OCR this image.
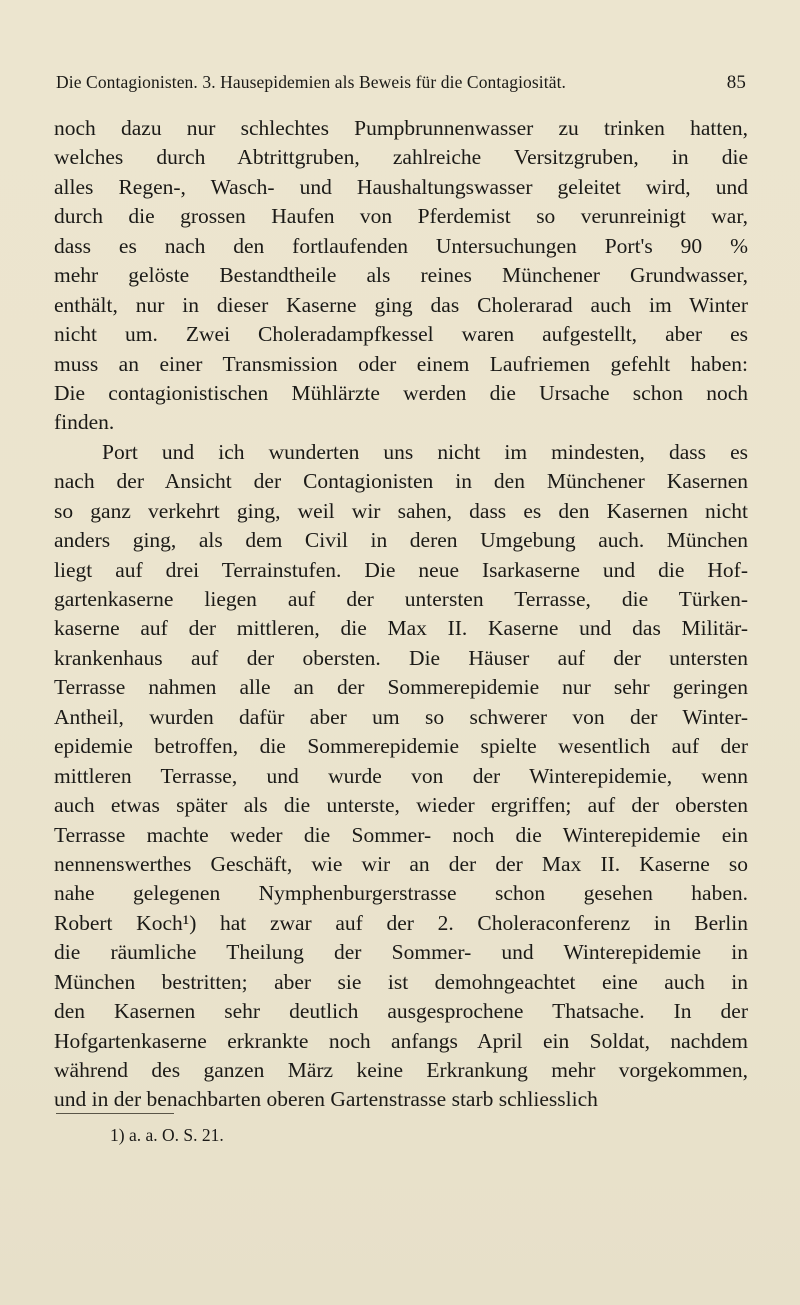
Die Contagionisten. 3. Hausepidemien als Beweis für die Contagiosität.	85
noch dazu nur schlechtes Pumpbrunnenwasser zu trinken hatten,
welches durch Abtrittgruben, zahlreiche Versitzgruben, in die
alles Regen-, Wasch- und Haushaltungswasser geleitet wird, und
durch die grossen Haufen von Pferdemist so verunreinigt war,
dass es nach den fortlaufenden Untersuchungen Port's 90 %
mehr gelöste Bestandtheile als reines Münchener Grundwasser,
enthält, nur in dieser Kaserne ging das Cholerarad auch im Winter
nicht um. Zwei Choleradampfkessel waren aufgestellt, aber es
muss an einer Transmission oder einem Laufriemen gefehlt haben:
Die contagionistischen Mühlärzte werden die Ursache schon noch
finden.
Port und ich wunderten uns nicht im mindesten, dass es
nach der Ansicht der Contagionisten in den Münchener Kasernen
so ganz verkehrt ging, weil wir sahen, dass es den Kasernen nicht
anders ging, als dem Civil in deren Umgebung auch. München
liegt auf drei Terrainstufen. Die neue Isarkaserne und die Hof-
gartenkaserne liegen auf der untersten Terrasse, die Türken-
kaserne auf der mittleren, die Max II. Kaserne und das Militär-
krankenhaus auf der obersten. Die Häuser auf der untersten
Terrasse nahmen alle an der Sommerepidemie nur sehr geringen
Antheil, wurden dafür aber um so schwerer von der Winter-
epidemie betroffen, die Sommerepidemie spielte wesentlich auf der
mittleren Terrasse, und wurde von der Winterepidemie, wenn
auch etwas später als die unterste, wieder ergriffen; auf der obersten
Terrasse machte weder die Sommer- noch die Winterepidemie ein
nennenswerthes Geschäft, wie wir an der der Max II. Kaserne so
nahe gelegenen Nymphenburgerstrasse schon gesehen haben.
Robert Koch¹) hat zwar auf der 2. Choleraconferenz in Berlin
die räumliche Theilung der Sommer- und Winterepidemie in
München bestritten; aber sie ist demohngeachtet eine auch in
den Kasernen sehr deutlich ausgesprochene Thatsache. In der
Hofgartenkaserne erkrankte noch anfangs April ein Soldat, nachdem
während des ganzen März keine Erkrankung mehr vorgekommen,
und in der benachbarten oberen Gartenstrasse starb schliesslich
1) a. a. O. S. 21.
